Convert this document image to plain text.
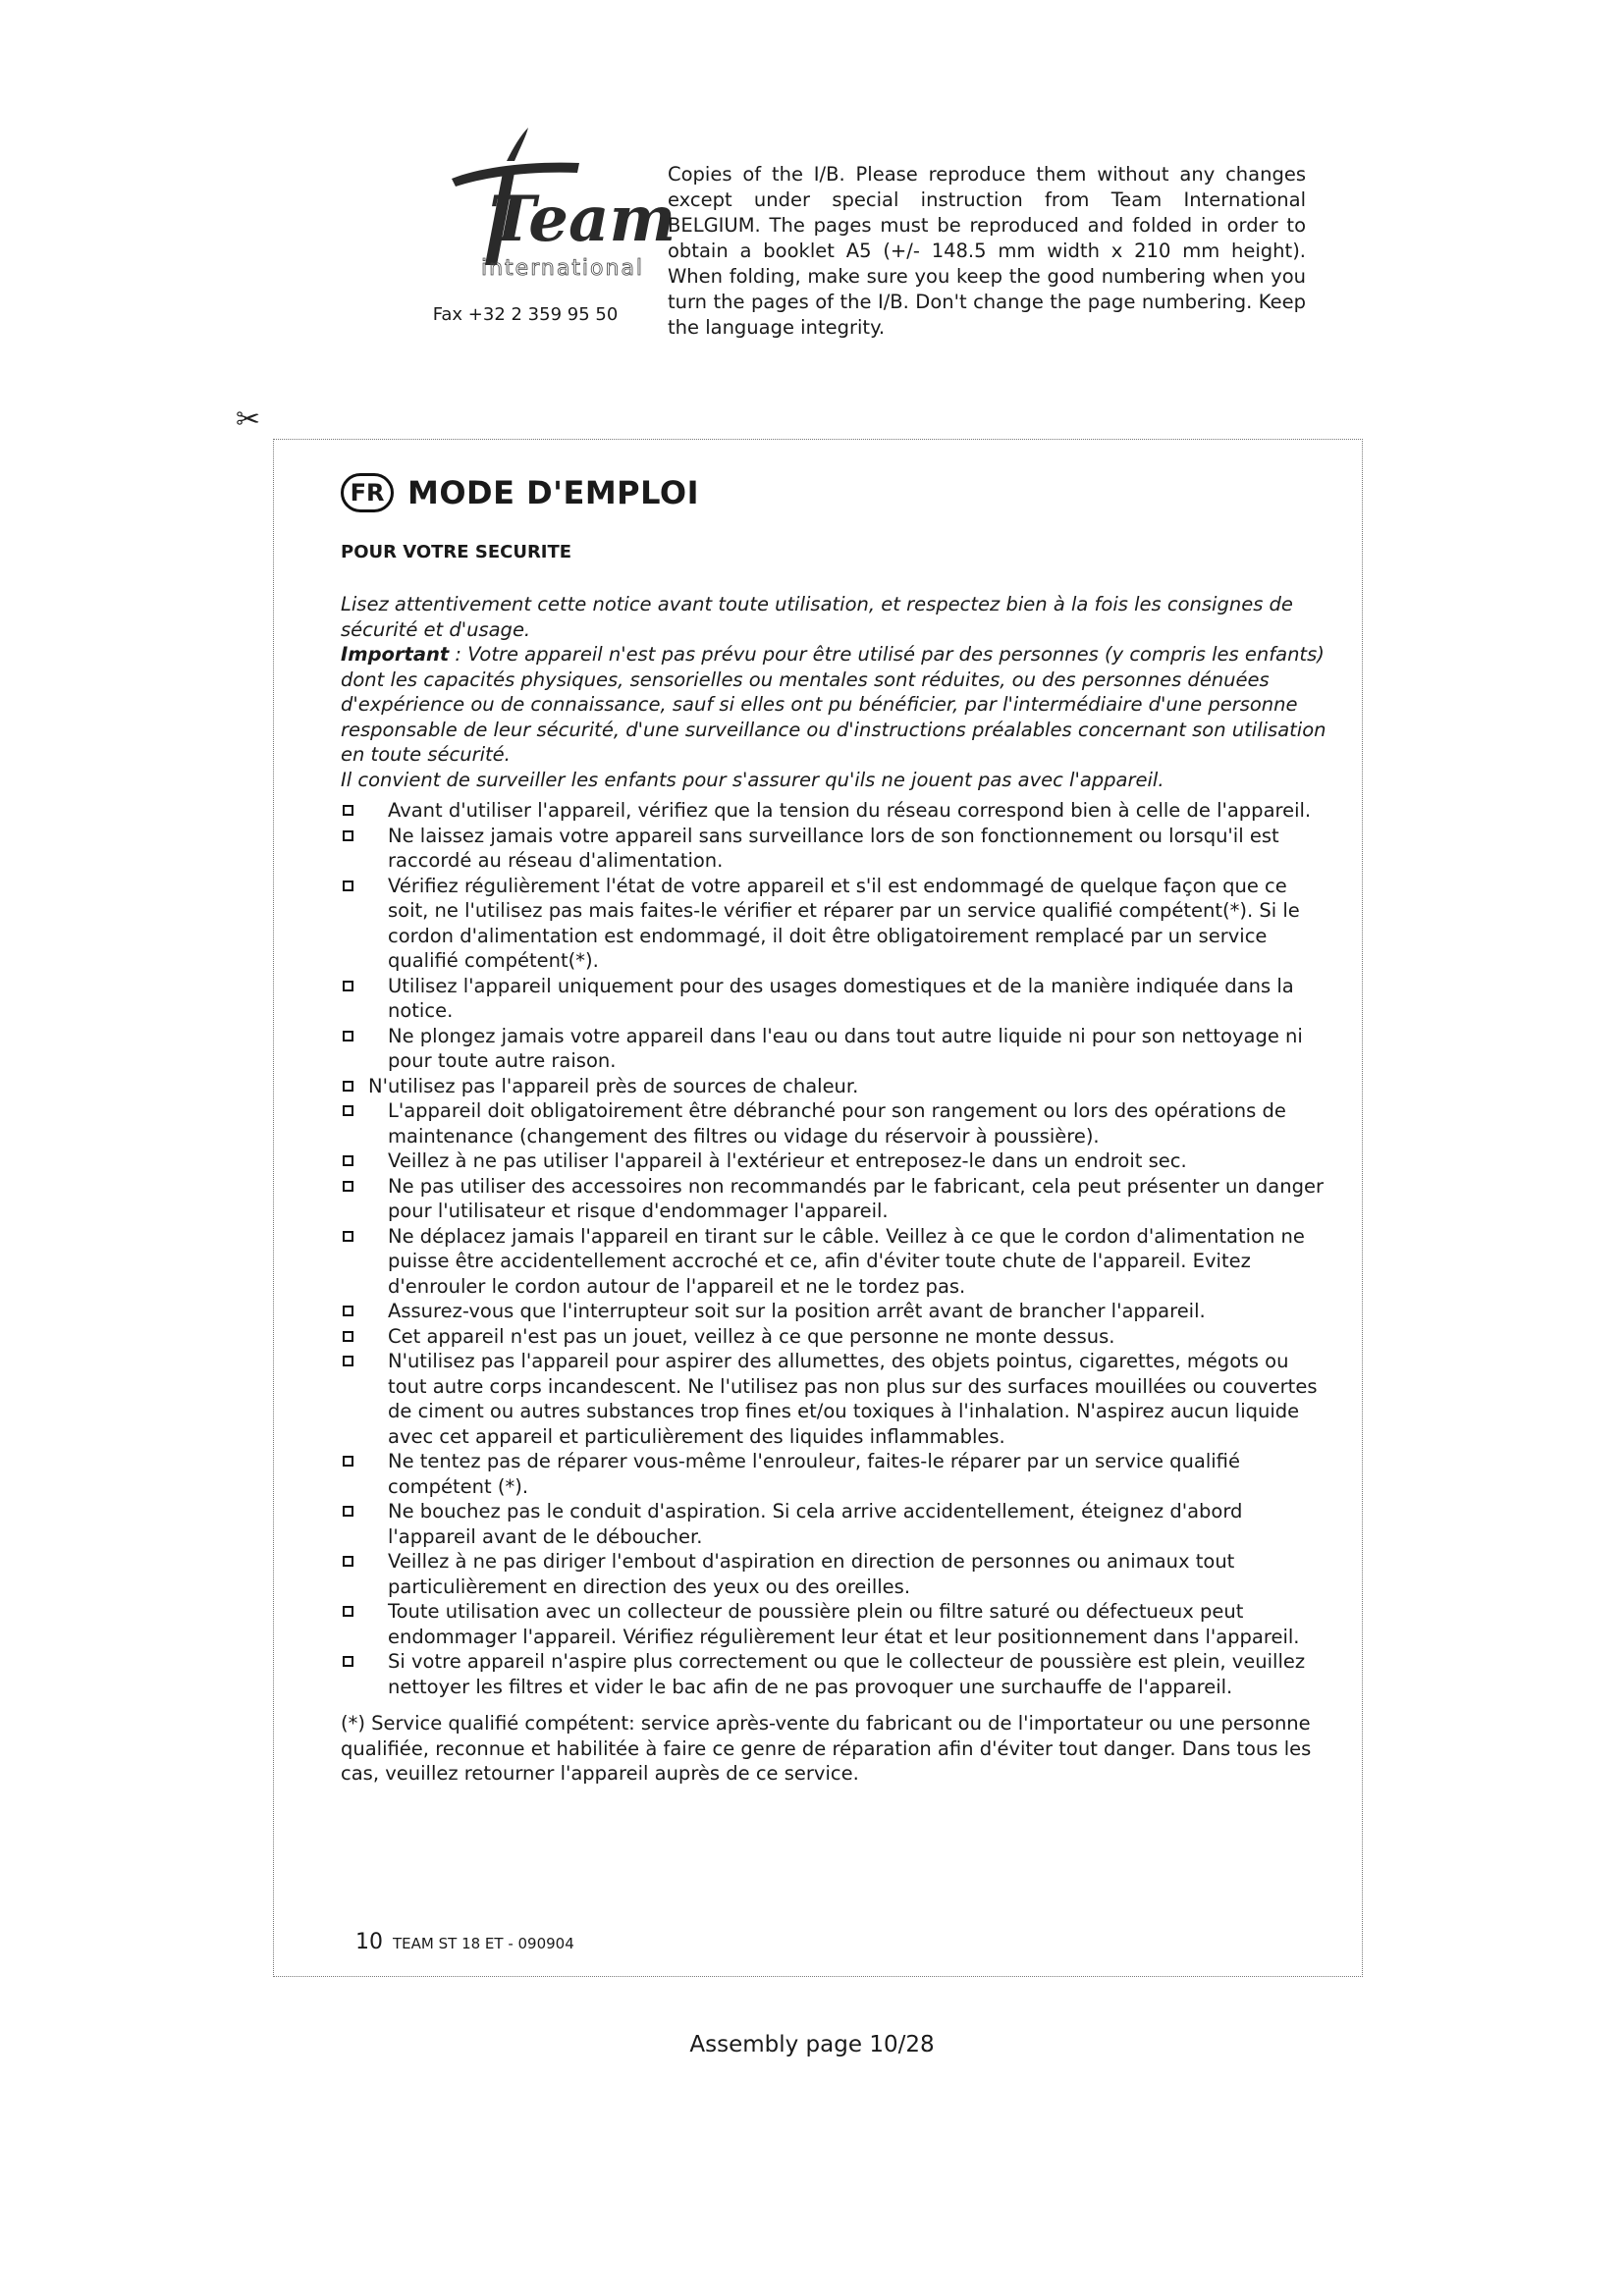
Team
international
Fax +32 2 359 95 50
Copies of the I/B. Please reproduce them without any changes except under special instruction from Team International BELGIUM. The pages must be reproduced and folded in order to obtain a booklet A5 (+/- 148.5 mm width x 210 mm height). When folding, make sure you keep the good numbering when you turn the pages of the I/B. Don't change the page numbering. Keep the language integrity.
✂
FR MODE D'EMPLOI
POUR VOTRE SECURITE

Lisez attentivement cette notice avant toute utilisation, et respectez bien à la fois les consignes de sécurité et d'usage.

Important : Votre appareil n'est pas prévu pour être utilisé par des personnes (y compris les enfants) dont les capacités physiques, sensorielles ou mentales sont réduites, ou des personnes dénuées d'expérience ou de connaissance, sauf si elles ont pu bénéficier, par l'intermédiaire d'une personne responsable de leur sécurité, d'une surveillance ou d'instructions préalables concernant son utilisation en toute sécurité.

Il convient de surveiller les enfants pour s'assurer qu'ils ne jouent pas avec l'appareil.

Avant d'utiliser l'appareil, vérifiez que la tension du réseau correspond bien à celle de l'appareil.
Ne laissez jamais votre appareil sans surveillance lors de son fonctionnement ou lorsqu'il est raccordé au réseau d'alimentation.
Vérifiez régulièrement l'état de votre appareil et s'il est endommagé de quelque façon que ce soit, ne l'utilisez pas mais faites-le vérifier et réparer par un service qualifié compétent(*). Si le cordon d'alimentation est endommagé, il doit être obligatoirement remplacé par un service qualifié compétent(*).
Utilisez l'appareil uniquement pour des usages domestiques et de la manière indiquée dans la notice.
Ne plongez jamais votre appareil dans l'eau ou dans tout autre liquide ni pour son nettoyage ni pour toute autre raison.
N'utilisez pas l'appareil près de sources de chaleur.
L'appareil doit obligatoirement être débranché pour son rangement ou lors des opérations de maintenance (changement des filtres ou vidage du réservoir à poussière).
Veillez à ne pas utiliser l'appareil à l'extérieur et entreposez-le dans un endroit sec.
Ne pas utiliser des accessoires non recommandés par le fabricant, cela peut présenter un danger pour l'utilisateur et risque d'endommager l'appareil.
Ne déplacez jamais l'appareil en tirant sur le câble. Veillez à ce que le cordon d'alimentation ne puisse être accidentellement accroché et ce, afin d'éviter toute chute de l'appareil. Evitez d'enrouler le cordon autour de l'appareil et ne le tordez pas.
Assurez-vous que l'interrupteur soit sur la position arrêt avant de brancher l'appareil.
Cet appareil n'est pas un jouet, veillez à ce que personne ne monte dessus.
N'utilisez pas l'appareil pour aspirer des allumettes, des objets pointus, cigarettes, mégots ou tout autre corps incandescent. Ne l'utilisez pas non plus sur des surfaces mouillées ou couvertes de ciment ou autres substances trop fines et/ou toxiques à l'inhalation. N'aspirez aucun liquide avec cet appareil et particulièrement des liquides inflammables.
Ne tentez pas de réparer vous-même l'enrouleur, faites-le réparer par un service qualifié compétent (*).
Ne bouchez pas le conduit d'aspiration. Si cela arrive accidentellement, éteignez d'abord l'appareil avant de le déboucher.
Veillez à ne pas diriger l'embout d'aspiration en direction de personnes ou animaux tout particulièrement en direction des yeux ou des oreilles.
Toute utilisation avec un collecteur de poussière plein ou filtre saturé ou défectueux peut endommager l'appareil. Vérifiez régulièrement leur état et leur positionnement dans l'appareil.
Si votre appareil n'aspire plus correctement ou que le collecteur de poussière est plein, veuillez nettoyer les filtres et vider le bac afin de ne pas provoquer une surchauffe de l'appareil.
(*) Service qualifié compétent: service après-vente du fabricant ou de l'importateur ou une personne qualifiée, reconnue et habilitée à faire ce genre de réparation afin d'éviter tout danger. Dans tous les cas, veuillez retourner l'appareil auprès de ce service.
10 TEAM ST 18 ET - 090904
Assembly page 10/28
